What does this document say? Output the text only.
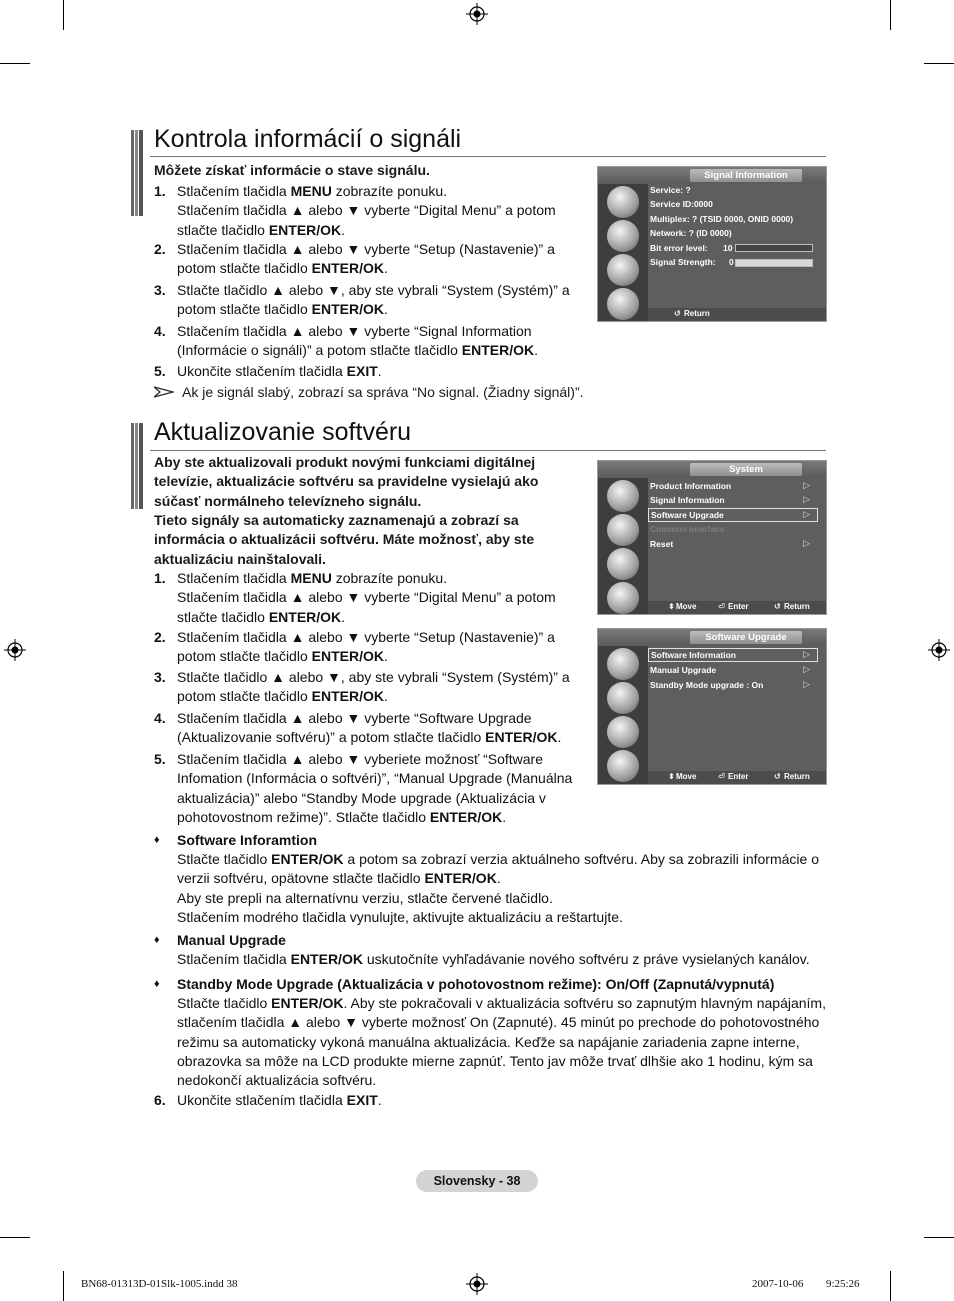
Kontrola informácií o signáli
Môžete získať informácie o stave signálu.
1. Stlačením tlačidla MENU zobrazíte ponuku.
Stlačením tlačidla ▲ alebo ▼ vyberte “Digital Menu” a potom stlačte tlačidlo ENTER/OK.
2. Stlačením tlačidla ▲ alebo ▼ vyberte “Setup (Nastavenie)” a potom stlačte tlačidlo ENTER/OK.
3. Stlačte tlačidlo ▲ alebo ▼, aby ste vybrali “System (Systém)” a potom stlačte tlačidlo ENTER/OK.
4. Stlačením tlačidla ▲ alebo ▼ vyberte “Signal Information (Informácie o signáli)” a potom stlačte tlačidlo ENTER/OK.
5. Ukončite stlačením tlačidla EXIT.
Ak je signál slabý, zobrazí sa správa “No signal. (Žiadny signál)”.
Signal Information
Service: ?
Service ID:0000
Multiplex: ? (TSID 0000, ONID 0000)
Network: ? (ID 0000)
Bit error level: 10
Signal Strength: 0
↺ Return
Aktualizovanie softvéru
Aby ste aktualizovali produkt novými funkciami digitálnej televízie, aktualizácie softvéru sa pravidelne vysielajú ako súčasť normálneho televízneho signálu.
Tieto signály sa automaticky zaznamenajú a zobrazí sa informácia o aktualizácii softvéru. Máte možnosť, aby ste aktualizáciu nainštalovali.
1. Stlačením tlačidla MENU zobrazíte ponuku.
Stlačením tlačidla ▲ alebo ▼ vyberte “Digital Menu” a potom stlačte tlačidlo ENTER/OK.
2. Stlačením tlačidla ▲ alebo ▼ vyberte “Setup (Nastavenie)” a potom stlačte tlačidlo ENTER/OK.
3. Stlačte tlačidlo ▲ alebo ▼, aby ste vybrali “System (Systém)” a potom stlačte tlačidlo ENTER/OK.
4. Stlačením tlačidla ▲ alebo ▼ vyberte “Software Upgrade (Aktualizovanie softvéru)” a potom stlačte tlačidlo ENTER/OK.
5. Stlačením tlačidla ▲ alebo ▼ vyberiete možnosť “Software Infomation (Informácia o softvéri)”, “Manual Upgrade (Manuálna aktualizácia)” alebo “Standby Mode upgrade (Aktualizácia v pohotovostnom režime)”. Stlačte tlačidlo ENTER/OK.
System
Product Information	▷
Signal Information	▷
Software Upgrade	▷
Common Interface
Reset	▷
⬍ Move	⏎ Enter	↺ Return
Software Upgrade
Software Information	▷
Manual Upgrade	▷
Standby Mode upgrade : On	▷
⬍ Move	⏎ Enter	↺ Return
♦ Software Inforamtion
Stlačte tlačidlo ENTER/OK a potom sa zobrazí verzia aktuálneho softvéru. Aby sa zobrazili informácie o verzii softvéru, opätovne stlačte tlačidlo ENTER/OK.
Aby ste prepli na alternatívnu verziu, stlačte červené tlačidlo.
Stlačením modrého tlačidla vynulujte, aktivujte aktualizáciu a reštartujte.
♦ Manual Upgrade
Stlačením tlačidla ENTER/OK uskutočníte vyhľadávanie nového softvéru z práve vysielaných kanálov.
♦ Standby Mode Upgrade (Aktualizácia v pohotovostnom režime): On/Off (Zapnutá/vypnutá)
Stlačte tlačidlo ENTER/OK. Aby ste pokračovali v aktualizácia softvéru so zapnutým hlavným napájaním, stlačením tlačidla ▲ alebo ▼ vyberte možnosť On (Zapnuté). 45 minút po prechode do pohotovostného režimu sa automaticky vykoná manuálna aktualizácia. Keďže sa napájanie zariadenia zapne interne, obrazovka sa môže na LCD produkte mierne zapnúť. Tento jav môže trvať dlhšie ako 1 hodinu, kým sa nedokončí aktualizácia softvéru.
6. Ukončite stlačením tlačidla EXIT.
Slovensky - 38
BN68-01313D-01Slk-1005.indd 38	2007-10-06 ￿￿ 9:25:26
